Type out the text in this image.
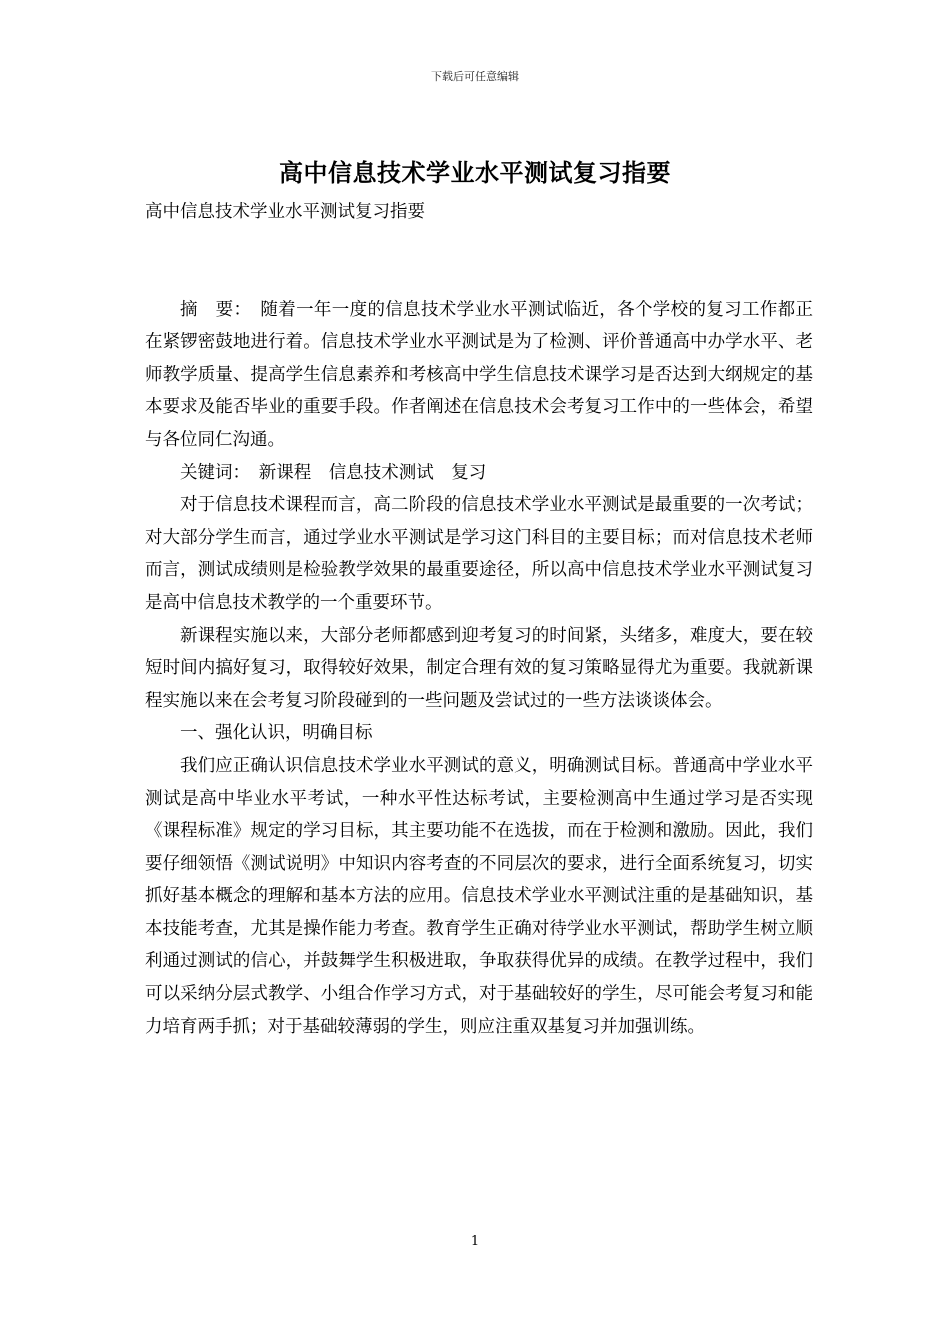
下载后可任意编辑
高中信息技术学业水平测试复习指要

高中信息技术学业水平测试复习指要

摘　要：　随着一年一度的信息技术学业水平测试临近，各个学校的复习工作都正在紧锣密鼓地进行着。信息技术学业水平测试是为了检测、评价普通高中办学水平、老师教学质量、提高学生信息素养和考核高中学生信息技术课学习是否达到大纲规定的基本要求及能否毕业的重要手段。作者阐述在信息技术会考复习工作中的一些体会，希望与各位同仁沟通。

关键词：　新课程　信息技术测试　复习

对于信息技术课程而言，高二阶段的信息技术学业水平测试是最重要的一次考试；对大部分学生而言，通过学业水平测试是学习这门科目的主要目标；而对信息技术老师而言，测试成绩则是检验教学效果的最重要途径，所以高中信息技术学业水平测试复习是高中信息技术教学的一个重要环节。

新课程实施以来，大部分老师都感到迎考复习的时间紧，头绪多，难度大，要在较短时间内搞好复习，取得较好效果，制定合理有效的复习策略显得尤为重要。我就新课程实施以来在会考复习阶段碰到的一些问题及尝试过的一些方法谈谈体会。

一、强化认识，明确目标

我们应正确认识信息技术学业水平测试的意义，明确测试目标。普通高中学业水平测试是高中毕业水平考试，一种水平性达标考试，主要检测高中生通过学习是否实现《课程标准》规定的学习目标，其主要功能不在选拔，而在于检测和激励。因此，我们要仔细领悟《测试说明》中知识内容考查的不同层次的要求，进行全面系统复习，切实抓好基本概念的理解和基本方法的应用。信息技术学业水平测试注重的是基础知识，基本技能考查，尤其是操作能力考查。教育学生正确对待学业水平测试，帮助学生树立顺利通过测试的信心，并鼓舞学生积极进取，争取获得优异的成绩。在教学过程中，我们可以采纳分层式教学、小组合作学习方式，对于基础较好的学生，尽可能会考复习和能力培育两手抓；对于基础较薄弱的学生，则应注重双基复习并加强训练。

1
